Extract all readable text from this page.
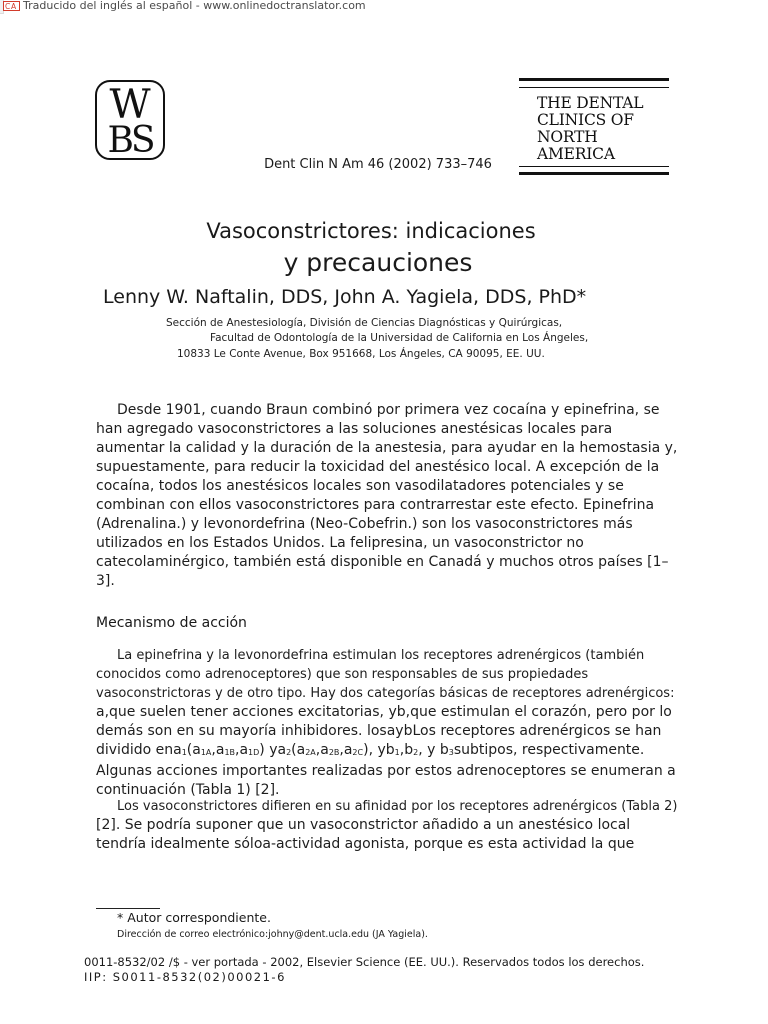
C A Traducido del inglés al español - www.onlinedoctranslator.com
W
BS
THE DENTAL
CLINICS OF
NORTH
AMERICA
Dent Clin N Am 46 (2002) 733–746
Vasoconstrictores: indicaciones
y precauciones
Lenny W. Naftalin, DDS, John A. Yagiela, DDS, PhD*
Sección de Anestesiología, División de Ciencias Diagnósticas y Quirúrgicas,
Facultad de Odontología de la Universidad de California en Los Ángeles,
10833 Le Conte Avenue, Box 951668, Los Ángeles, CA 90095, EE. UU.

Desde 1901, cuando Braun combinó por primera vez cocaína y epinefrina, se han agregado vasoconstrictores a las soluciones anestésicas locales para aumentar la calidad y la duración de la anestesia, para ayudar en la hemostasia y, supuestamente, para reducir la toxicidad del anestésico local. A excepción de la cocaína, todos los anestésicos locales son vasodilatadores potenciales y se combinan con ellos vasoconstrictores para contrarrestar este efecto. Epinefrina (Adrenalina⁠.) y levonordefrina (Neo-Cobefrin⁠.) son los vasoconstrictores más utilizados en los Estados Unidos. La felipresina, un vasoconstrictor no catecolaminérgico, también está disponible en Canadá y muchos otros países [1–3].

Mecanismo de acción

La epinefrina y la levonordefrina estimulan los receptores adrenérgicos (también conocidos como adrenoceptores) que son responsables de sus propiedades vasoconstrictoras y de otro tipo. Hay dos categorías básicas de receptores adrenérgicos: a,que suelen tener acciones excitatorias, yb,que estimulan el corazón, pero por lo demás son en su mayoría inhibidores. losaybLos receptores adrenérgicos se han dividido $ena_1(a_{1A},a_{1B},a_{1D})$ $ya_2(a_{2A},a_{2B},a_{2C})$, $yb_1,b_2$, y $b_3subtipos$, respectivamente. Algunas acciones importantes realizadas por estos adrenoceptores se enumeran a continuación (Tabla 1) [2].

Los vasoconstrictores difieren en su afinidad por los receptores adrenérgicos (Tabla 2) [2]. Se podría suponer que un vasoconstrictor añadido a un anestésico local tendría idealmente sóloa-actividad agonista, porque es esta actividad la que

* Autor correspondiente.
Dirección de correo electrónico:johny@dent.ucla.edu (JA Yagiela).
0011-8532/02 /$ - ver portada - 2002, Elsevier Science (EE. UU.). Reservados todos los derechos.
IIP: S0011-8532(02)00021-6
